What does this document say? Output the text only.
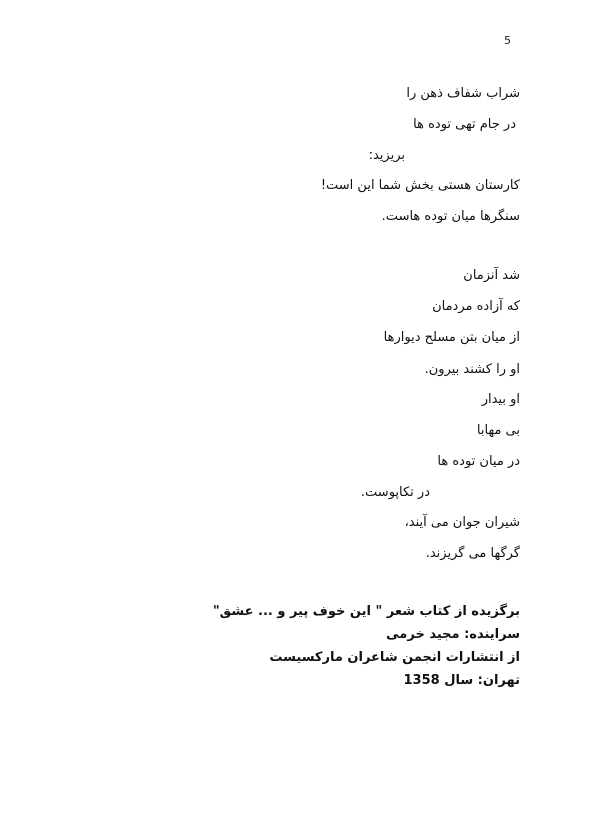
5
شراب شفاف ذهن را
در جام تهی توده ها
بریزید:
کارستان هستی بخش شما این است!
سنگرها میان توده هاست.
شد آنزمان
که آزاده مردمان
از میان بتن مسلح دیوارها
او را کشند بیرون.
او بیدار
بی مهابا
در میان توده ها
در تکاپوست.
شیران جوان می آیند،
گرگها می گریزند.
برگزیده از کتاب شعر " این خوف پیر و ... عشق"
سراینده: مجید خرمی
از انتشارات انجمن شاعران مارکسیست
تهران: سال 1358
